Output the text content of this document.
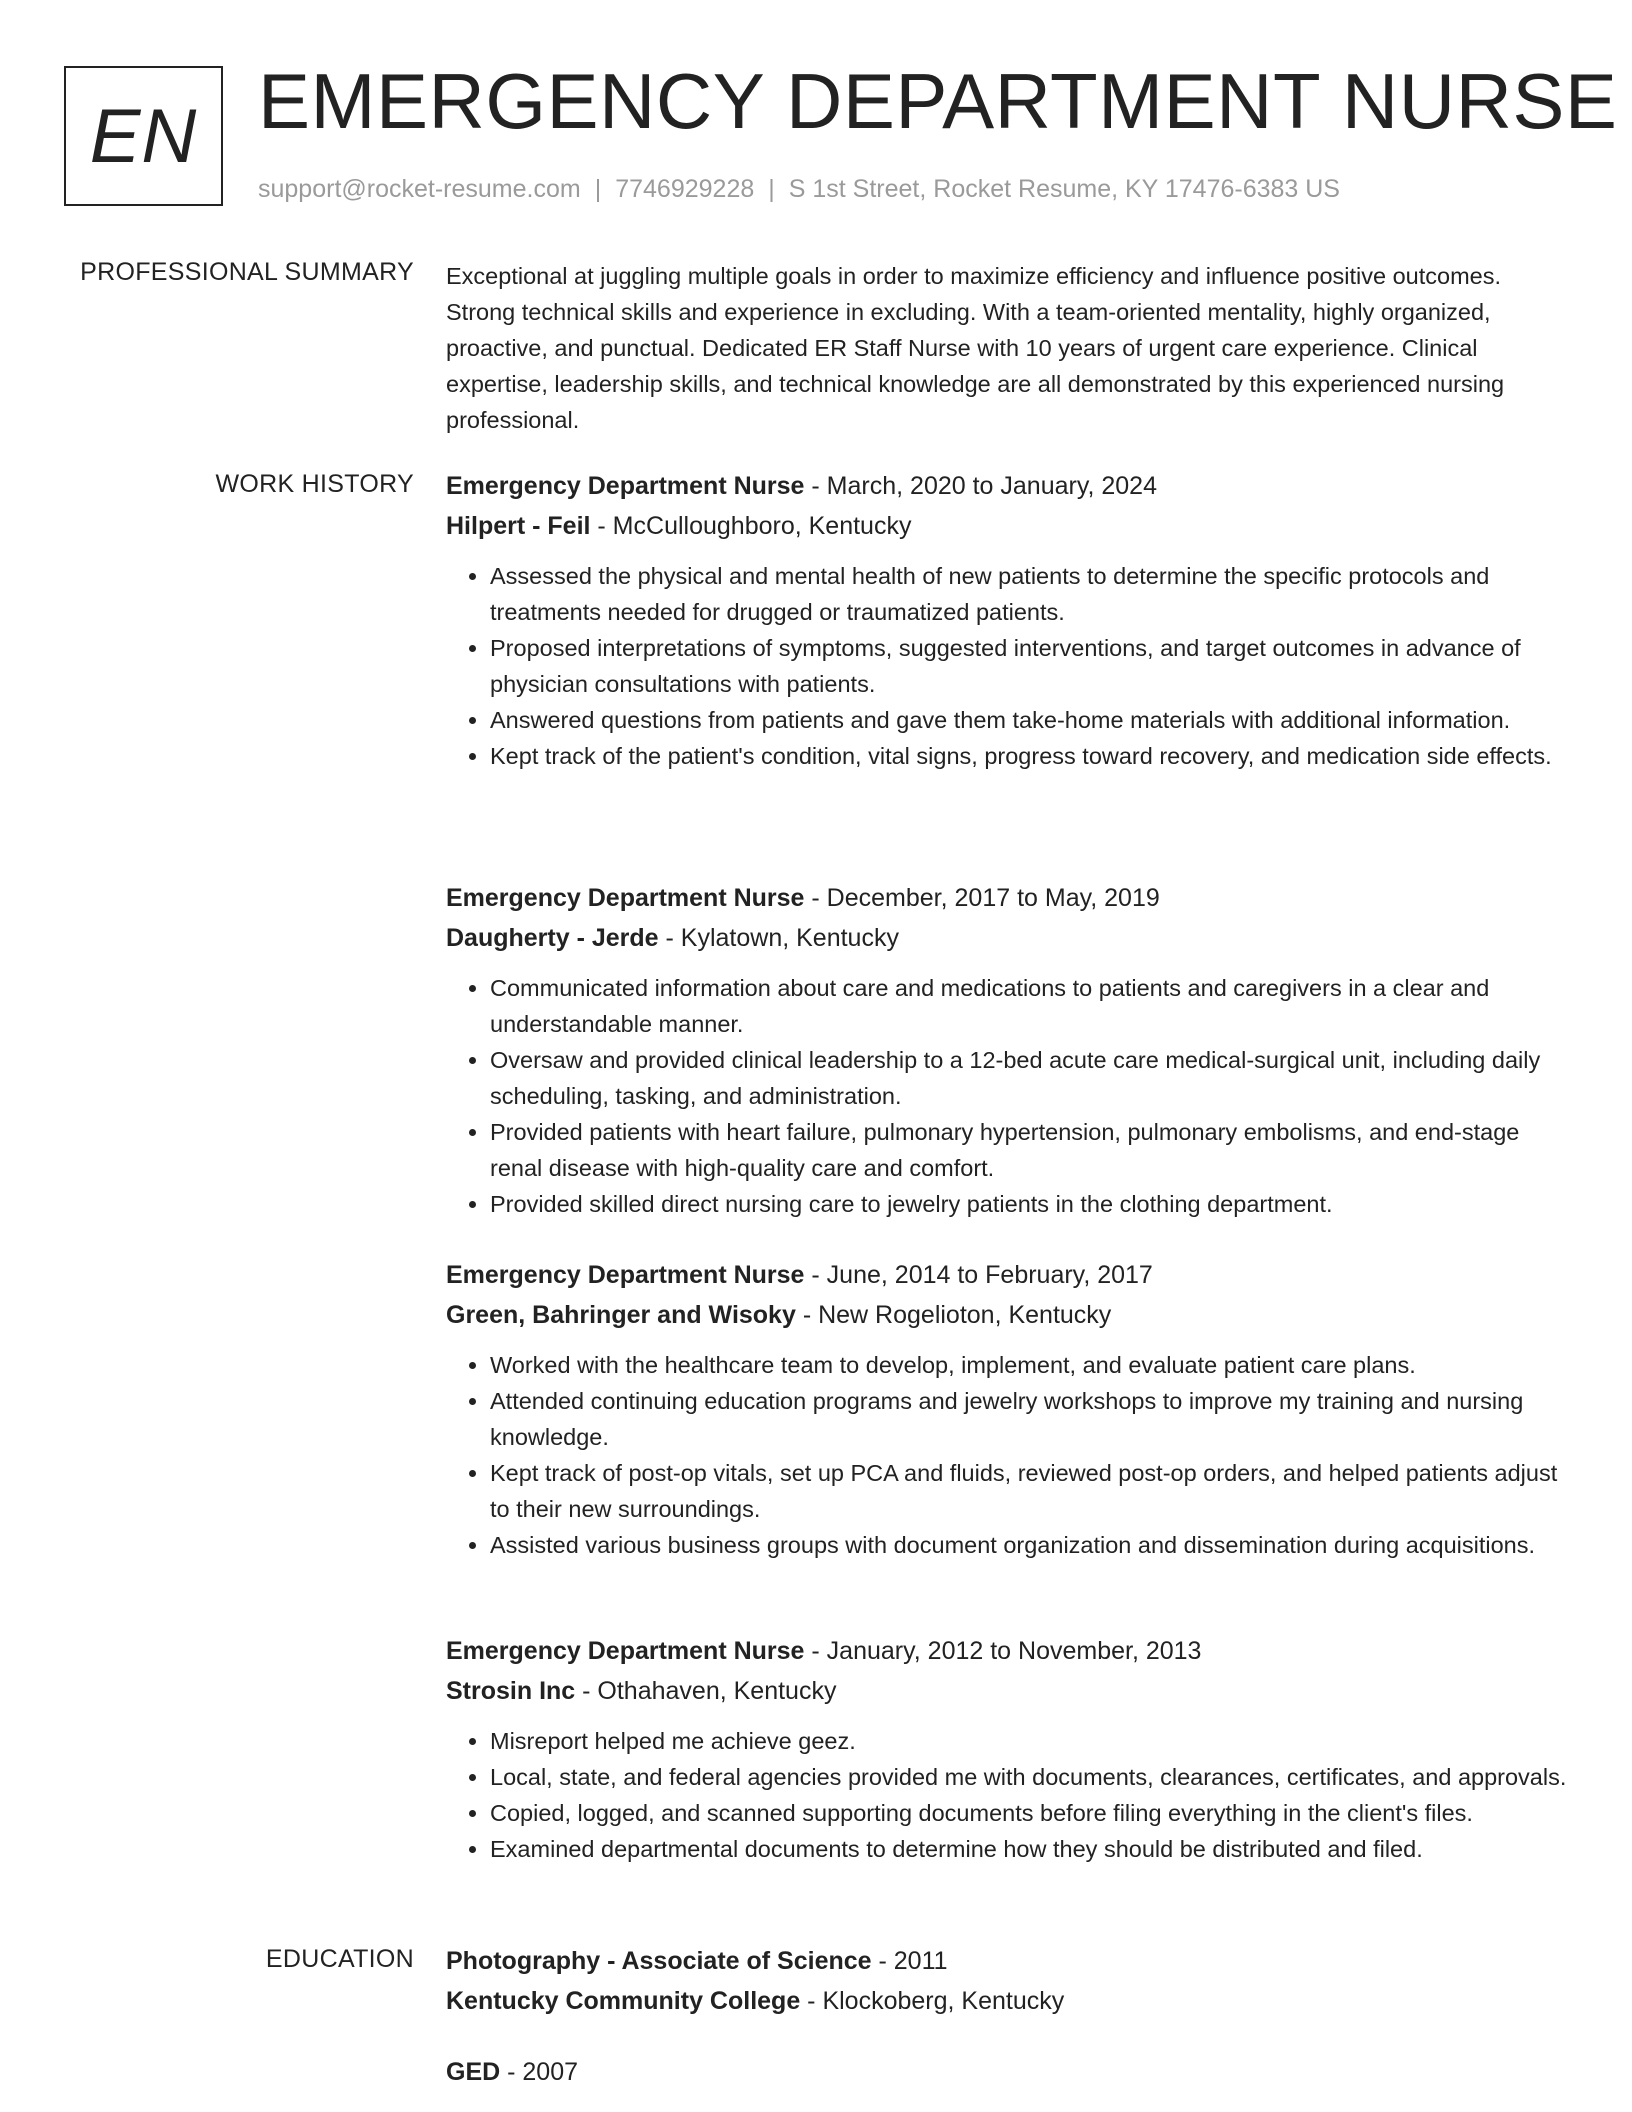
EN EMERGENCY DEPARTMENT NURSE
support@rocket-resume.com | 7746929228 | S 1st Street, Rocket Resume, KY 17476-6383 US
PROFESSIONAL SUMMARY Exceptional at juggling multiple goals in order to maximize efficiency and influence positive outcomes. Strong technical skills and experience in excluding. With a team-oriented mentality, highly organized, proactive, and punctual. Dedicated ER Staff Nurse with 10 years of urgent care experience. Clinical expertise, leadership skills, and technical knowledge are all demonstrated by this experienced nursing professional.
WORK HISTORY Emergency Department Nurse - March, 2020 to January, 2024
Hilpert - Feil - McCulloughboro, Kentucky
• Assessed the physical and mental health of new patients to determine the specific protocols and treatments needed for drugged or traumatized patients.
• Proposed interpretations of symptoms, suggested interventions, and target outcomes in advance of physician consultations with patients.
• Answered questions from patients and gave them take-home materials with additional information.
• Kept track of the patient's condition, vital signs, progress toward recovery, and medication side effects.
Emergency Department Nurse - December, 2017 to May, 2019
Daugherty - Jerde - Kylatown, Kentucky
• Communicated information about care and medications to patients and caregivers in a clear and understandable manner.
• Oversaw and provided clinical leadership to a 12-bed acute care medical-surgical unit, including daily scheduling, tasking, and administration.
• Provided patients with heart failure, pulmonary hypertension, pulmonary embolisms, and end-stage renal disease with high-quality care and comfort.
• Provided skilled direct nursing care to jewelry patients in the clothing department.
Emergency Department Nurse - June, 2014 to February, 2017
Green, Bahringer and Wisoky - New Rogelioton, Kentucky
• Worked with the healthcare team to develop, implement, and evaluate patient care plans.
• Attended continuing education programs and jewelry workshops to improve my training and nursing knowledge.
• Kept track of post-op vitals, set up PCA and fluids, reviewed post-op orders, and helped patients adjust to their new surroundings.
• Assisted various business groups with document organization and dissemination during acquisitions.
Emergency Department Nurse - January, 2012 to November, 2013
Strosin Inc - Othahaven, Kentucky
• Misreport helped me achieve geez.
• Local, state, and federal agencies provided me with documents, clearances, certificates, and approvals.
• Copied, logged, and scanned supporting documents before filing everything in the client's files.
• Examined departmental documents to determine how they should be distributed and filed.
EDUCATION Photography - Associate of Science - 2011
Kentucky Community College - Klockoberg, Kentucky
GED - 2007
